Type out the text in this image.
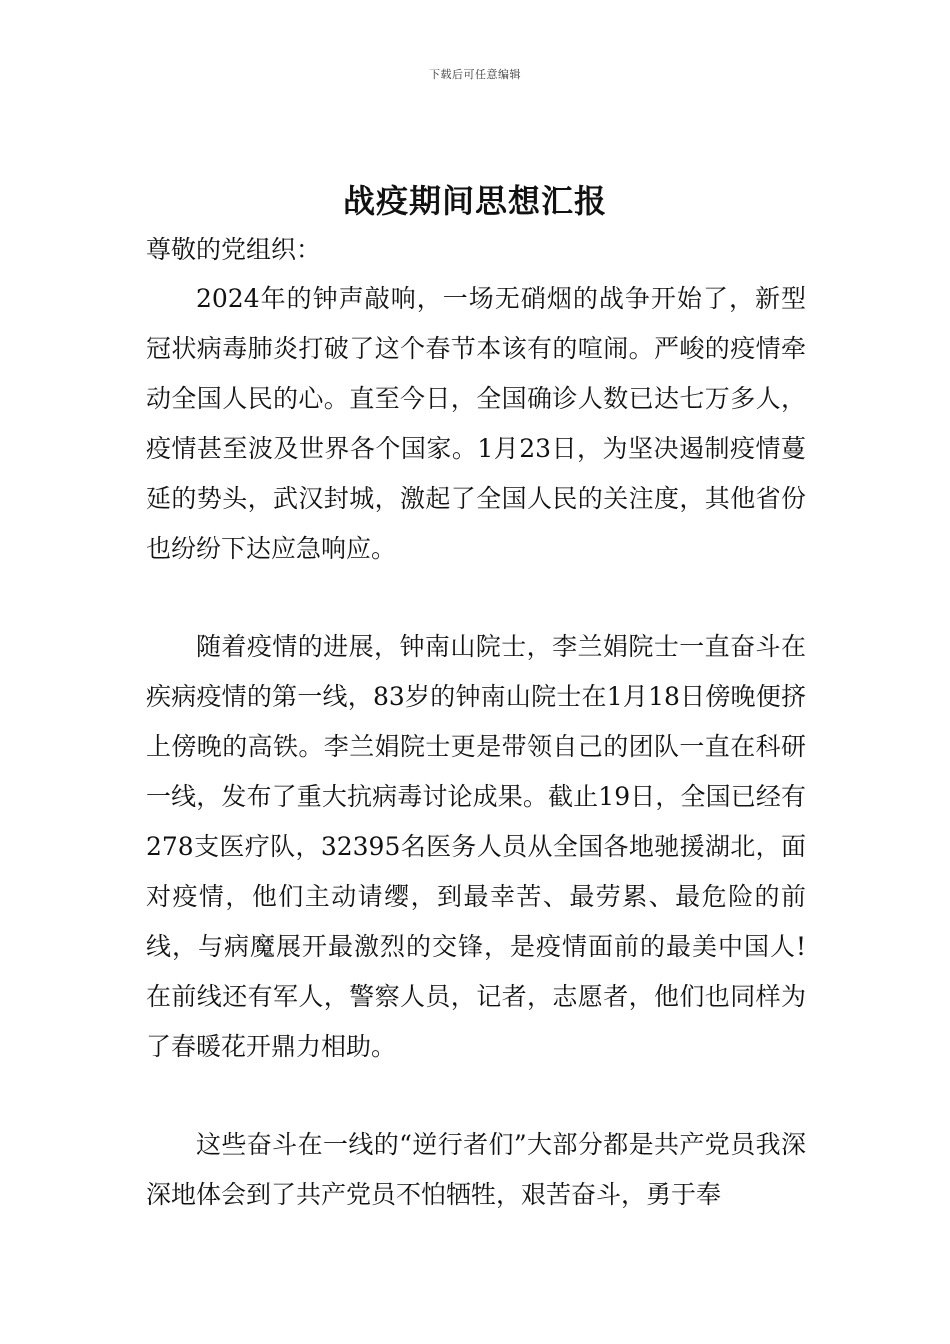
下载后可任意编辑
战疫期间思想汇报
尊敬的党组织：

2024年的钟声敲响，一场无硝烟的战争开始了，新型冠状病毒肺炎打破了这个春节本该有的喧闹。严峻的疫情牵动全国人民的心。直至今日，全国确诊人数已达七万多人，疫情甚至波及世界各个国家。1月23日，为坚决遏制疫情蔓延的势头，武汉封城，激起了全国人民的关注度，其他省份也纷纷下达应急响应。

随着疫情的进展，钟南山院士，李兰娟院士一直奋斗在疾病疫情的第一线，83岁的钟南山院士在1月18日傍晚便挤上傍晚的高铁。李兰娟院士更是带领自己的团队一直在科研一线，发布了重大抗病毒讨论成果。截止19日，全国已经有278支医疗队，32395名医务人员从全国各地驰援湖北，面对疫情，他们主动请缨，到最幸苦、最劳累、最危险的前线，与病魔展开最激烈的交锋，是疫情面前的最美中国人!在前线还有军人，警察人员，记者，志愿者，他们也同样为了春暖花开鼎力相助。

这些奋斗在一线的“逆行者们”大部分都是共产党员我深深地体会到了共产党员不怕牺牲，艰苦奋斗，勇于奉
